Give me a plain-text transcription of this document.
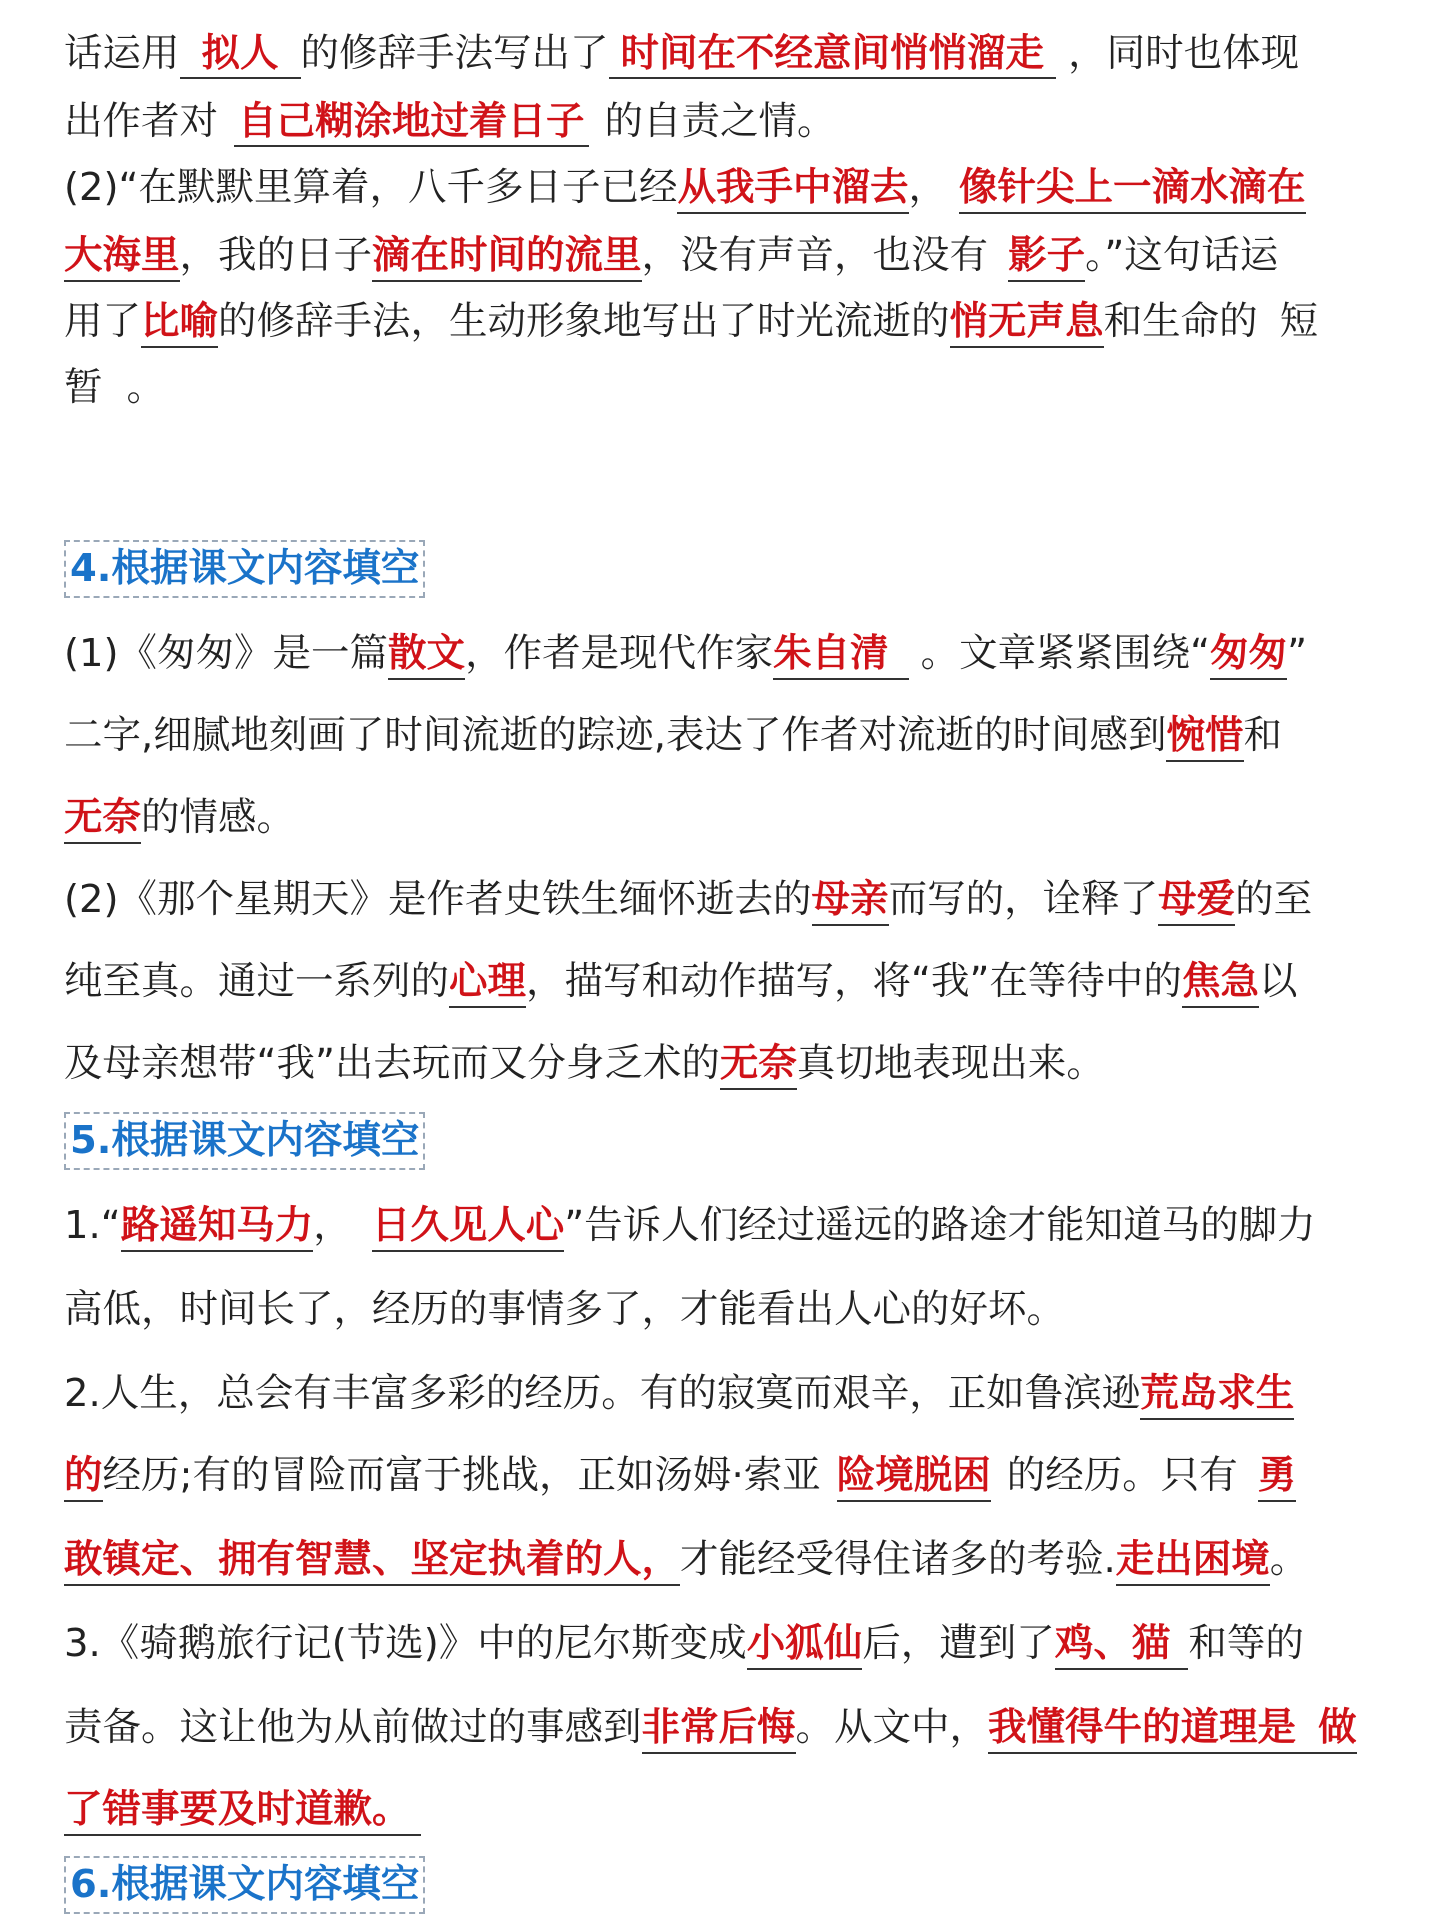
话运用 拟人 的修辞手法写出了 时间在不经意间悄悄溜走 ，同时也体现
出作者对 自己糊涂地过着日子 的自责之情。
(2)“在默默里算着，八千多日子已经从我手中溜去， 像针尖上一滴水滴在
大海里，我的日子滴在时间的流里，没有声音，也没有 影子。”这句话运
用了比喻的修辞手法，生动形象地写出了时光流逝的悄无声息和生命的 短
暂 。
4.根据课文内容填空
(1)《匆匆》是一篇散文，作者是现代作家朱自清 。文章紧紧围绕“匆匆”
二字,细腻地刻画了时间流逝的踪迹,表达了作者对流逝的时间感到惋惜和
无奈的情感。
(2)《那个星期天》是作者史铁生缅怀逝去的母亲而写的，诠释了母爱的至
纯至真。通过一系列的心理，描写和动作描写，将“我”在等待中的焦急以
及母亲想带“我”出去玩而又分身乏术的无奈真切地表现出来。
5.根据课文内容填空
1.“路遥知马力， 日久见人心”告诉人们经过遥远的路途才能知道马的脚力
高低，时间长了，经历的事情多了，才能看出人心的好坏。
2.人生，总会有丰富多彩的经历。有的寂寞而艰辛，正如鲁滨逊荒岛求生
的经历;有的冒险而富于挑战，正如汤姆·索亚 险境脱困 的经历。只有 勇
敢镇定、拥有智慧、坚定执着的人，才能经受得住诸多的考验.走出困境。
3.《骑鹅旅行记(节选)》中的尼尔斯变成小狐仙后，遭到了鸡、猫 和等的
责备。这让他为从前做过的事感到非常后悔。从文中，我懂得牛的道理是 做
了错事要及时道歉。
6.根据课文内容填空
